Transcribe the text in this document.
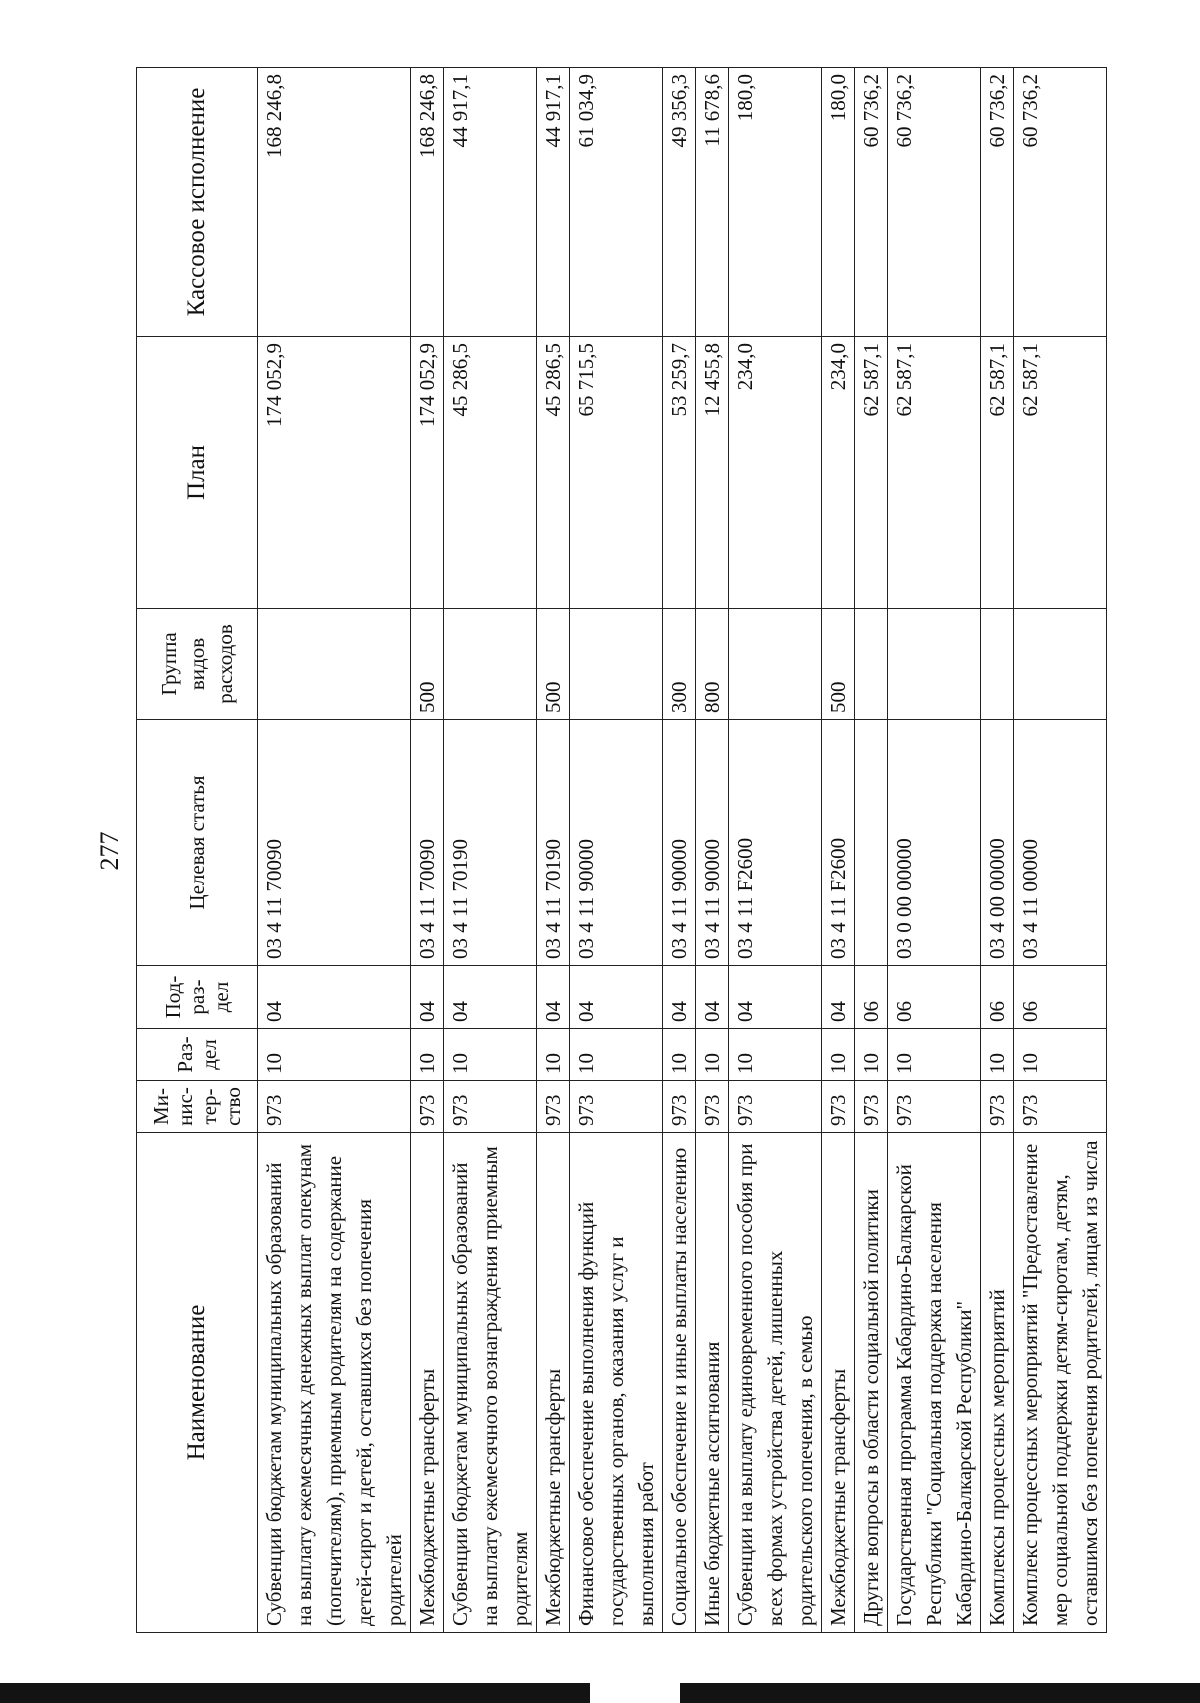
277
Наименование	Ми-нис-тер-ство	Раз-дел	Под-раз-дел	Целевая статья	Группа видов расходов	План	Кассовое исполнение
Субвенции бюджетам муниципальных образований на выплату ежемесячных денежных выплат опекунам (попечителям), приемным родителям на содержание детей-сирот и детей, оставшихся без попечения родителей	973	10	04	03 4 11 70090		174 052,9	168 246,8
Межбюджетные трансферты	973	10	04	03 4 11 70090	500	174 052,9	168 246,8
Субвенции бюджетам муниципальных образований на выплату ежемесячного вознаграждения приемным родителям	973	10	04	03 4 11 70190		45 286,5	44 917,1
Межбюджетные трансферты	973	10	04	03 4 11 70190	500	45 286,5	44 917,1
Финансовое обеспечение выполнения функций государственных органов, оказания услуг и выполнения работ	973	10	04	03 4 11 90000		65 715,5	61 034,9
Социальное обеспечение и иные выплаты населению	973	10	04	03 4 11 90000	300	53 259,7	49 356,3
Иные бюджетные ассигнования	973	10	04	03 4 11 90000	800	12 455,8	11 678,6
Субвенции на выплату единовременного пособия при всех формах устройства детей, лишенных родительского попечения, в семью	973	10	04	03 4 11 F2600		234,0	180,0
Межбюджетные трансферты	973	10	04	03 4 11 F2600	500	234,0	180,0
Другие вопросы в области социальной политики	973	10	06			62 587,1	60 736,2
Государственная программа Кабардино-Балкарской Республики "Социальная поддержка населения Кабардино-Балкарской Республики"	973	10	06	03 0 00 00000		62 587,1	60 736,2
Комплексы процессных мероприятий	973	10	06	03 4 00 00000		62 587,1	60 736,2
Комплекс процессных мероприятий "Предоставление мер социальной поддержки детям-сиротам, детям, оставшимся без попечения родителей, лицам из числа	973	10	06	03 4 11 00000		62 587,1	60 736,2
